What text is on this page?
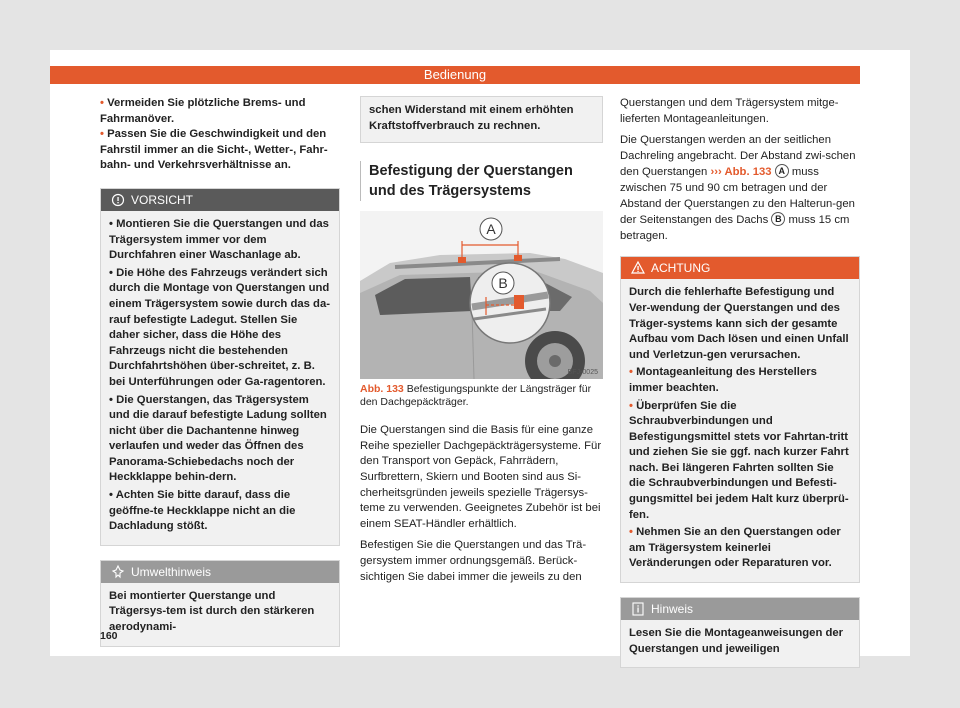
Bedienung

• Vermeiden Sie plötzliche Brems- und Fahrmanöver.

• Passen Sie die Geschwindigkeit und den Fahrstil immer an die Sicht-, Wetter-, Fahr-bahn- und Verkehrsverhältnisse an.

VORSICHT

• Montieren Sie die Querstangen und das Trägersystem immer vor dem Durchfahren einer Waschanlage ab.

• Die Höhe des Fahrzeugs verändert sich durch die Montage von Querstangen und einem Trägersystem sowie durch das da-rauf befestigte Ladegut. Stellen Sie daher sicher, dass die Höhe des Fahrzeugs nicht die bestehenden Durchfahrtshöhen über-schreitet, z. B. bei Unterführungen oder Ga-ragentoren.

• Die Querstangen, das Trägersystem und die darauf befestigte Ladung sollten nicht über die Dachantenne hinweg verlaufen und weder das Öffnen des Panorama-Schiebedachs noch der Heckklappe behin-dern.

• Achten Sie bitte darauf, dass die geöffne-te Heckklappe nicht an die Dachladung stößt.

Umwelthinweis

Bei montierter Querstange und Trägersys-tem ist durch den stärkeren aerodynami-

schen Widerstand mit einem erhöhten Kraftstoffverbrauch zu rechnen.
Befestigung der Querstangen und des Trägersystems
A
B
BFJ-0025
Abb. 133 Befestigungspunkte der Längsträger für den Dachgepäckträger.

Die Querstangen sind die Basis für eine ganze Reihe spezieller Dachgepäckträgersysteme. Für den Transport von Gepäck, Fahrrädern, Surfbrettern, Skiern und Booten sind aus Si-cherheitsgründen jeweils spezielle Trägersys-teme zu verwenden. Geeignetes Zubehör ist bei einem SEAT-Händler erhältlich.

Befestigen Sie die Querstangen und das Trä-gersystem immer ordnungsgemäß. Berück-sichtigen Sie dabei immer die jeweils zu den

Querstangen und dem Trägersystem mitge-lieferten Montageanleitungen.

Die Querstangen werden an der seitlichen Dachreling angebracht. Der Abstand zwi-schen den Querstangen ››› Abb. 133 A muss zwischen 75 und 90 cm betragen und der Abstand der Querstangen zu den Halterun-gen der Seitenstangen des Dachs B muss 15 cm betragen.

ACHTUNG

Durch die fehlerhafte Befestigung und Ver-wendung der Querstangen und des Träger-systems kann sich der gesamte Aufbau vom Dach lösen und einen Unfall und Verletzun-gen verursachen.

• Montageanleitung des Herstellers immer beachten.

• Überprüfen Sie die Schraubverbindungen und Befestigungsmittel stets vor Fahrtan-tritt und ziehen Sie sie ggf. nach kurzer Fahrt nach. Bei längeren Fahrten sollten Sie die Schraubverbindungen und Befesti-gungsmittel bei jedem Halt kurz überprü-fen.

• Nehmen Sie an den Querstangen oder am Trägersystem keinerlei Veränderungen oder Reparaturen vor.

Hinweis

Lesen Sie die Montageanweisungen der Querstangen und jeweiligen

160
